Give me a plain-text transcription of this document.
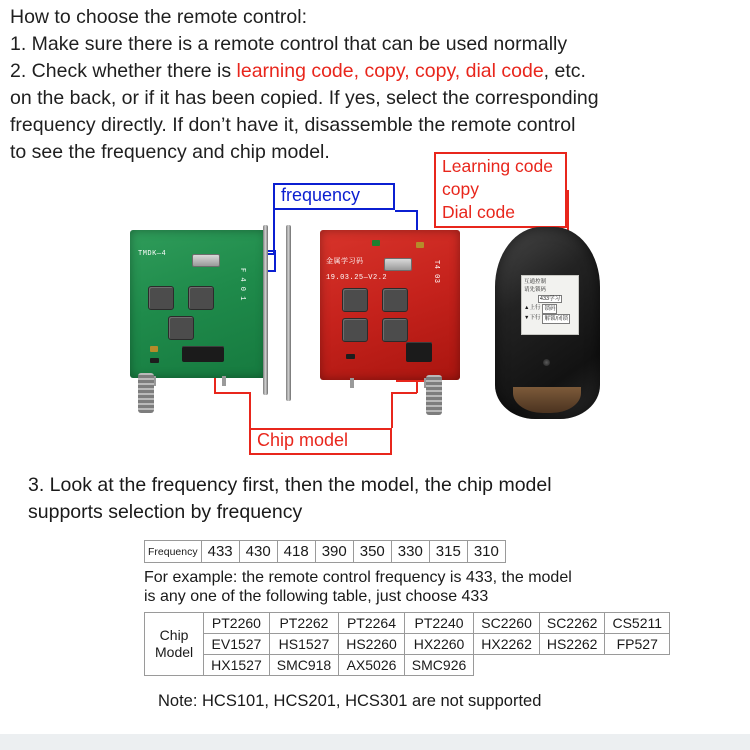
How to choose the remote control:

1. Make sure there is a remote control that can be used normally

2. Check whether there is learning code, copy, copy, dial code, etc.

on the back, or if it has been copied. If yes, select the corresponding

frequency directly. If don’t have it, disassemble the remote control

to see the frequency and chip model.

Learning code
copy
Dial code
frequency
Chip model
TMDK—4
F 4 0 1
金属学习码
19.03.25—V2.2	T4 03	互通控制
请先锁码
433学习
▲上行 锁码
▼下行 解锁/闭锁
3. Look at the frequency first, then the model, the chip model
supports selection by frequency
Frequency	433	430	418	390	350	330	315	310
For example: the remote control frequency is 433, the model
is any one of the following table, just choose 433
Chip
Model	PT2260	PT2262	PT2264	PT2240	SC2260	SC2262	CS5211
	EV1527	HS1527	HS2260	HX2260	HX2262	HS2262	FP527
	HX1527	SMC918	AX5026	SMC926			
Note: HCS101, HCS201, HCS301 are not supported
